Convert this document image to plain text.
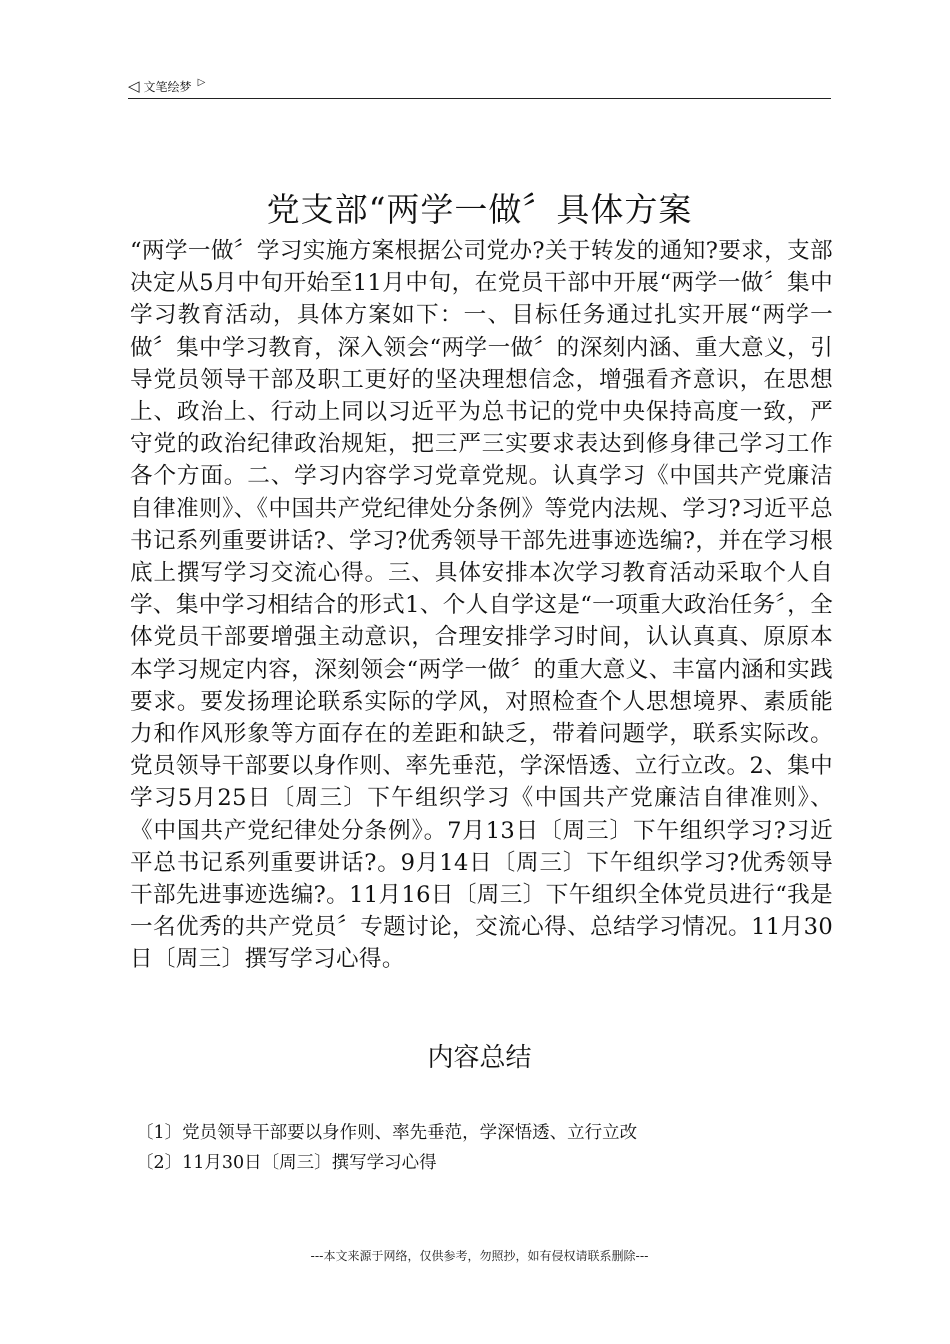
◁ 文笔绘梦 ▷
党支部“两学一做〞具体方案

“两学一做〞学习实施方案根据公司党办?关于转发的通知?要求，支部决定从5月中旬开始至11月中旬，在党员干部中开展“两学一做〞集中学习教育活动，具体方案如下：一、目标任务通过扎实开展“两学一做〞集中学习教育，深入领会“两学一做〞的深刻内涵、重大意义，引导党员领导干部及职工更好的坚决理想信念，增强看齐意识，在思想上、政治上、行动上同以习近平为总书记的党中央保持高度一致，严守党的政治纪律政治规矩，把三严三实要求表达到修身律己学习工作各个方面。二、学习内容学习党章党规。认真学习《中国共产党廉洁自律准则》、《中国共产党纪律处分条例》等党内法规、学习?习近平总书记系列重要讲话?、学习?优秀领导干部先进事迹选编?，并在学习根底上撰写学习交流心得。三、具体安排本次学习教育活动采取个人自学、集中学习相结合的形式1、个人自学这是“一项重大政治任务〞，全体党员干部要增强主动意识，合理安排学习时间，认认真真、原原本本学习规定内容，深刻领会“两学一做〞的重大意义、丰富内涵和实践要求。要发扬理论联系实际的学风，对照检查个人思想境界、素质能力和作风形象等方面存在的差距和缺乏，带着问题学，联系实际改。党员领导干部要以身作则、率先垂范，学深悟透、立行立改。2、集中学习5月25日〔周三〕下午组织学习《中国共产党廉洁自律准则》、《中国共产党纪律处分条例》。7月13日〔周三〕下午组织学习?习近平总书记系列重要讲话?。9月14日〔周三〕下午组织学习?优秀领导干部先进事迹选编?。11月16日〔周三〕下午组织全体党员进行“我是一名优秀的共产党员〞专题讨论，交流心得、总结学习情况。11月30日〔周三〕撰写学习心得。

内容总结
〔1〕党员领导干部要以身作则、率先垂范，学深悟透、立行立改
〔2〕11月30日〔周三〕撰写学习心得
---本文来源于网络，仅供参考，勿照抄，如有侵权请联系删除---
